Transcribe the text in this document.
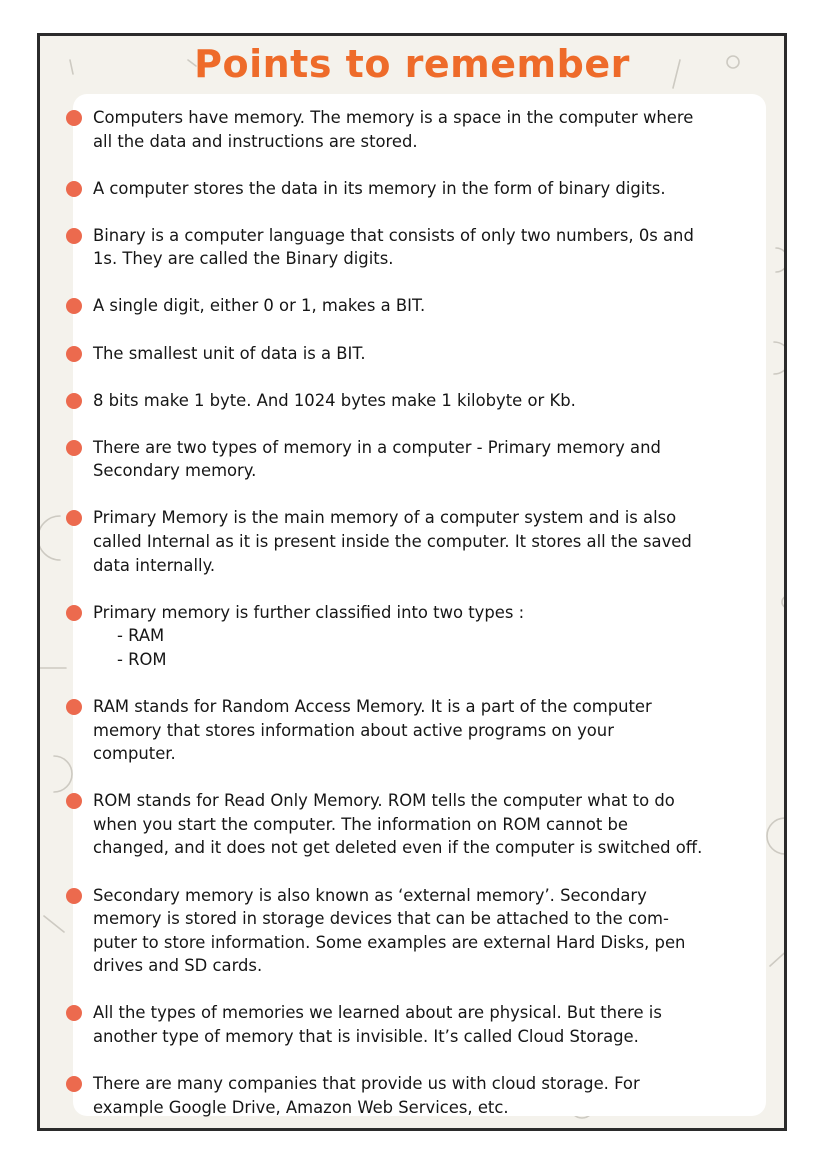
Points to remember
Computers have memory. The memory is a space in the computer where
all the data and instructions are stored.
A computer stores the data in its memory in the form of binary digits.
Binary is a computer language that consists of only two numbers, 0s and
1s. They are called the Binary digits.
A single digit, either 0 or 1, makes a BIT.
The smallest unit of data is a BIT.
8 bits make 1 byte. And 1024 bytes make 1 kilobyte or Kb.
There are two types of memory in a computer - Primary memory and
Secondary memory.
Primary Memory is the main memory of a computer system and is also
called Internal as it is present inside the computer. It stores all the saved
data internally.
Primary memory is further classified into two types :
- RAM
- ROM
RAM stands for Random Access Memory. It is a part of the computer
memory that stores information about active programs on your
computer.
ROM stands for Read Only Memory. ROM tells the computer what to do
when you start the computer. The information on ROM cannot be
changed, and it does not get deleted even if the computer is switched off.
Secondary memory is also known as ‘external memory’. Secondary
memory is stored in storage devices that can be attached to the com-
puter to store information. Some examples are external Hard Disks, pen
drives and SD cards.
All the types of memories we learned about are physical. But there is
another type of memory that is invisible. It’s called Cloud Storage.
There are many companies that provide us with cloud storage. For
example Google Drive, Amazon Web Services, etc.
